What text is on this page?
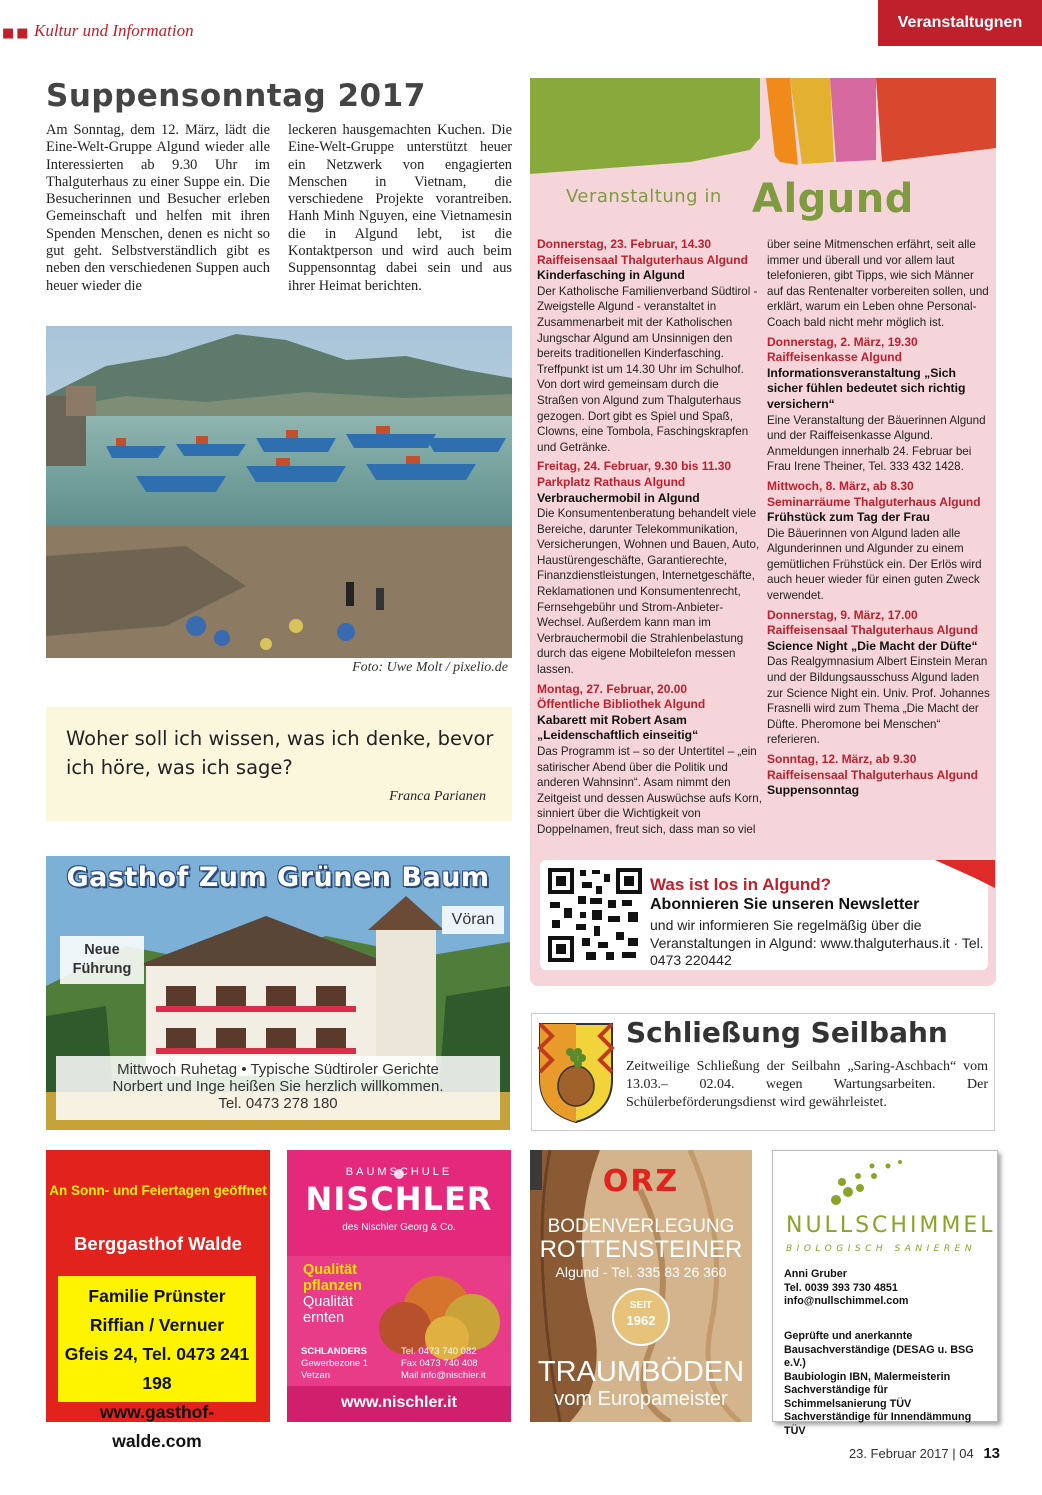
■■ Kultur und Information	Veranstaltugnen
Suppensonntag 2017
Am Sonntag, dem 12. März, lädt die Eine-Welt-Gruppe Algund wieder alle Interessierten ab 9.30 Uhr im Thalguterhaus zu einer Suppe ein. Die Besucherinnen und Besucher erleben Gemeinschaft und helfen mit ihren Spenden Menschen, denen es nicht so gut geht. Selbstverständlich gibt es neben den verschiedenen Suppen auch heuer wieder die
leckeren hausgemachten Kuchen. Die Eine-Welt-Gruppe unterstützt heuer ein Netzwerk von engagierten Menschen in Vietnam, die verschiedene Projekte vorantreiben. Hanh Minh Nguyen, eine Vietnamesin die in Algund lebt, ist die Kontaktperson und wird auch beim Suppensonntag dabei sein und aus ihrer Heimat berichten.
Foto: Uwe Molt / pixelio.de
Woher soll ich wissen, was ich denke, bevor ich höre, was ich sage?
Franca Parianen
Gasthof Zum Grünen Baum
Vöran
Neue Führung
Mittwoch Ruhetag • Typische Südtiroler Gerichte
Norbert und Inge heißen Sie herzlich willkommen.
Tel. 0473 278 180
Veranstaltung in Algund
Donnerstag, 23. Februar, 14.30
Raiffeisensaal Thalguterhaus Algund
Kinderfasching in Algund
Der Katholische Familienverband Südtirol - Zweigstelle Algund - veranstaltet in Zusammenarbeit mit der Katholischen Jungschar Algund am Unsinnigen den bereits traditionellen Kinderfasching. Treffpunkt ist um 14.30 Uhr im Schulhof. Von dort wird gemeinsam durch die Straßen von Algund zum Thalguterhaus gezogen. Dort gibt es Spiel und Spaß, Clowns, eine Tombola, Faschingskrapfen und Getränke.
Freitag, 24. Februar, 9.30 bis 11.30
Parkplatz Rathaus Algund
Verbrauchermobil in Algund
Die Konsumentenberatung behandelt viele Bereiche, darunter Telekommunikation, Versicherungen, Wohnen und Bauen, Auto, Haustürengeschäfte, Garantierechte, Finanzdienstleistungen, Internetgeschäfte, Reklamationen und Konsumentenrecht, Fernsehgebühr und Strom-Anbieter-Wechsel. Außerdem kann man im Verbrauchermobil die Strahlenbelastung durch das eigene Mobiltelefon messen lassen.
Montag, 27. Februar, 20.00
Öffentliche Bibliothek Algund
Kabarett mit Robert Asam „Leidenschaftlich einseitig“
Das Programm ist – so der Untertitel – „ein satirischer Abend über die Politik und anderen Wahnsinn“. Asam nimmt den Zeitgeist und dessen Auswüchse aufs Korn, sinniert über die Wichtigkeit von Doppelnamen, freut sich, dass man so viel
über seine Mitmenschen erfährt, seit alle immer und überall und vor allem laut telefonieren, gibt Tipps, wie sich Männer auf das Rentenalter vorbereiten sollen, und erklärt, warum ein Leben ohne Personal-Coach bald nicht mehr möglich ist.
Donnerstag, 2. März, 19.30
Raiffeisenkasse Algund
Informationsveranstaltung „Sich sicher fühlen bedeutet sich richtig versichern“
Eine Veranstaltung der Bäuerinnen Algund und der Raiffeisenkasse Algund. Anmeldungen innerhalb 24. Februar bei Frau Irene Theiner, Tel. 333 432 1428.
Mittwoch, 8. März, ab 8.30
Seminarräume Thalguterhaus Algund
Frühstück zum Tag der Frau
Die Bäuerinnen von Algund laden alle Algunderinnen und Algunder zu einem gemütlichen Frühstück ein. Der Erlös wird auch heuer wieder für einen guten Zweck verwendet.
Donnerstag, 9. März, 17.00
Raiffeisensaal Thalguterhaus Algund
Science Night „Die Macht der Düfte“
Das Realgymnasium Albert Einstein Meran und der Bildungsausschuss Algund laden zur Science Night ein. Univ. Prof. Johannes Frasnelli wird zum Thema „Die Macht der Düfte. Pheromone bei Menschen“ referieren.
Sonntag, 12. März, ab 9.30
Raiffeisensaal Thalguterhaus Algund
Suppensonntag
Was ist los in Algund?
Abonnieren Sie unseren Newsletter
und wir informieren Sie regelmäßig über die Veranstaltungen in Algund: www.thalguterhaus.it · Tel. 0473 220442
Schließung Seilbahn
Zeitweilige Schließung der Seilbahn „Saring-Aschbach“ vom 13.03.– 02.04. wegen Wartungsarbeiten. Der Schülerbeförderungsdienst wird gewährleistet.
An Sonn- und Feiertagen geöffnet
Berggasthof Walde
Familie Prünster
Riffian / Vernuer
Gfeis 24, Tel. 0473 241 198
www.gasthof-walde.com
BAUMSCHULE
NISCHLER
des Nischler Georg & Co.
Qualität
pflanzen
Qualität
ernten
SCHLANDERS
Gewerbezone 1
Vetzan
Tel. 0473 740 082
Fax 0473 740 408
Mail info@nischler.it
www.nischler.it
ORZ
BODENVERLEGUNG
ROTTENSTEINER
Algund - Tel. 335 83 26 360
SEIT
1962
TRAUMBÖDEN
vom Europameister
NULLSCHIMMEL
BIOLOGISCH SANIEREN
Anni Gruber
Tel. 0039 393 730 4851
info@nullschimmel.com
Geprüfte und anerkannte Bausachverständige (DESAG u. BSG e.V.)
Baubiologin IBN, Malermeisterin
Sachverständige für Schimmelsanierung TÜV
Sachverständige für Innendämmung TÜV
23. Februar 2017 | 04 13
